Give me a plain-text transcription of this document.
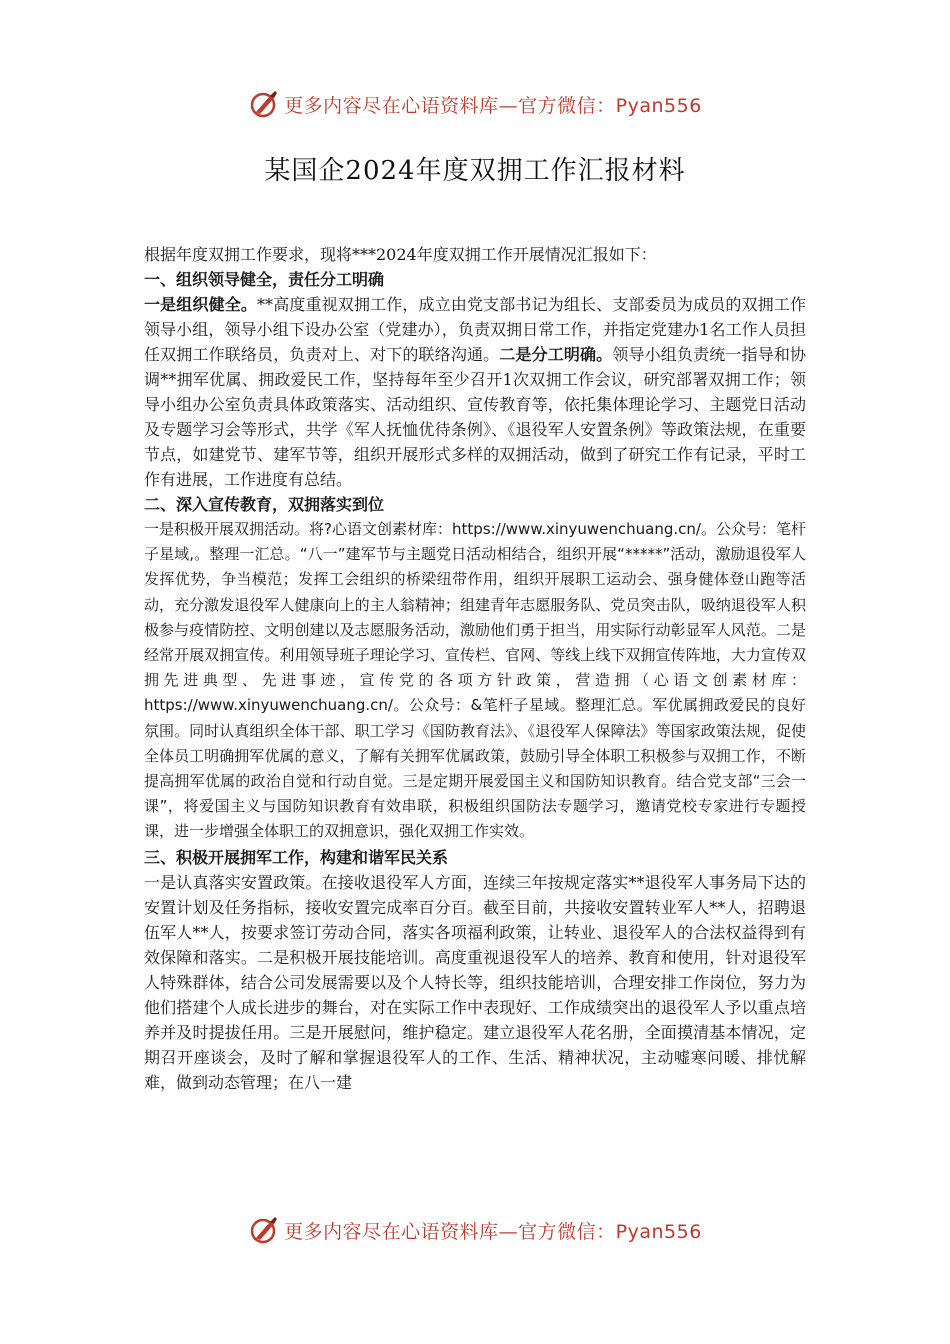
更多内容尽在心语资料库—官方微信：Pyan556
某国企2024年度双拥工作汇报材料

根据年度双拥工作要求，现将***2024年度双拥工作开展情况汇报如下：

一、组织领导健全，责任分工明确

一是组织健全。**高度重视双拥工作，成立由党支部书记为组长、支部委员为成员的双拥工作领导小组，领导小组下设办公室（党建办），负责双拥日常工作，并指定党建办1名工作人员担任双拥工作联络员，负责对上、对下的联络沟通。二是分工明确。领导小组负责统一指导和协调**拥军优属、拥政爱民工作，坚持每年至少召开1次双拥工作会议，研究部署双拥工作；领导小组办公室负责具体政策落实、活动组织、宣传教育等，依托集体理论学习、主题党日活动及专题学习会等形式，共学《军人抚恤优待条例》、《退役军人安置条例》等政策法规，在重要节点，如建党节、建军节等，组织开展形式多样的双拥活动，做到了研究工作有记录，平时工作有进展，工作进度有总结。

二、深入宣传教育，双拥落实到位

一是积极开展双拥活动。将?心语文创素材库：https://www.xinyuwenchuang.cn/。公众号：笔杆子星域,。整理一汇总。“八一”建军节与主题党日活动相结合，组织开展“*****”活动，激励退役军人发挥优势，争当模范；发挥工会组织的桥梁纽带作用，组织开展职工运动会、强身健体登山跑等活动，充分激发退役军人健康向上的主人翁精神；组建青年志愿服务队、党员突击队，吸纳退役军人积极参与疫情防控、文明创建以及志愿服务活动，激励他们勇于担当，用实际行动彰显军人风范。二是经常开展双拥宣传。利用领导班子理论学习、宣传栏、官网、等线上线下双拥宣传阵地，大力宣传双拥先进典型、先进事迹，宣传党的各项方针政策，营造拥（心语文创素材库：https://www.xinyuwenchuang.cn/。公众号：&笔杆子星域。整理汇总。军优属拥政爱民的良好氛围。同时认真组织全体干部、职工学习《国防教育法》、《退役军人保障法》等国家政策法规，促使全体员工明确拥军优属的意义，了解有关拥军优属政策，鼓励引导全体职工积极参与双拥工作，不断提高拥军优属的政治自觉和行动自觉。三是定期开展爱国主义和国防知识教育。结合党支部“三会一课”，将爱国主义与国防知识教育有效串联，积极组织国防法专题学习，邀请党校专家进行专题授课，进一步增强全体职工的双拥意识，强化双拥工作实效。

三、积极开展拥军工作，构建和谐军民关系

一是认真落实安置政策。在接收退役军人方面，连续三年按规定落实**退役军人事务局下达的安置计划及任务指标，接收安置完成率百分百。截至目前，共接收安置转业军人**人，招聘退伍军人**人，按要求签订劳动合同，落实各项福利政策，让转业、退役军人的合法权益得到有效保障和落实。二是积极开展技能培训。高度重视退役军人的培养、教育和使用，针对退役军人特殊群体，结合公司发展需要以及个人特长等，组织技能培训，合理安排工作岗位，努力为他们搭建个人成长进步的舞台，对在实际工作中表现好、工作成绩突出的退役军人予以重点培养并及时提拔任用。三是开展慰问，维护稳定。建立退役军人花名册，全面摸清基本情况，定期召开座谈会，及时了解和掌握退役军人的工作、生活、精神状况，主动嘘寒问暖、排忧解难，做到动态管理；在八一建

更多内容尽在心语资料库—官方微信：Pyan556
